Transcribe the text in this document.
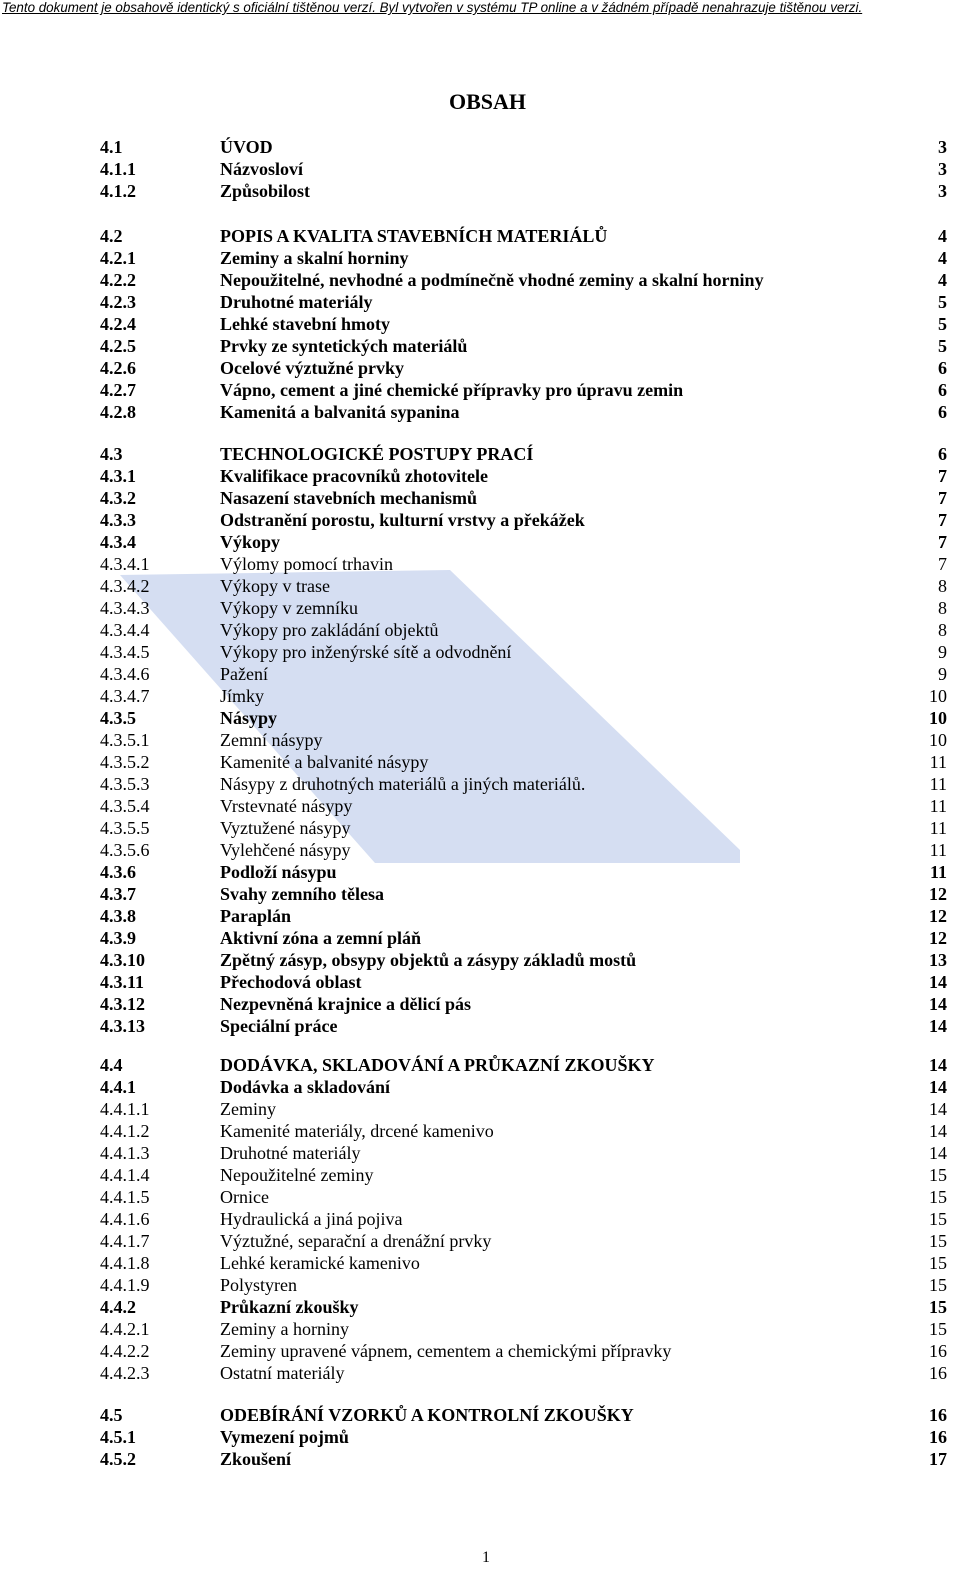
Tento dokument je obsahově identický s oficiální tištěnou verzí. Byl vytvořen v systému TP online a v žádném případě nenahrazuje tištěnou verzi.
OBSAH
4.1	ÚVOD	3
4.1.1	Názvosloví	3
4.1.2	Způsobilost	3
4.2	POPIS A KVALITA STAVEBNÍCH MATERIÁLŮ	4
4.2.1	Zeminy a skalní horniny	4
4.2.2	Nepoužitelné, nevhodné a podmínečně vhodné zeminy a skalní horniny	4
4.2.3	Druhotné materiály	5
4.2.4	Lehké stavební hmoty	5
4.2.5	Prvky ze syntetických materiálů	5
4.2.6	Ocelové výztužné prvky	6
4.2.7	Vápno, cement a jiné chemické přípravky pro úpravu zemin	6
4.2.8	Kamenitá a balvanitá sypanina	6
4.3	TECHNOLOGICKÉ POSTUPY PRACÍ	6
4.3.1	Kvalifikace pracovníků zhotovitele	7
4.3.2	Nasazení stavebních mechanismů	7
4.3.3	Odstranění porostu, kulturní vrstvy a překážek	7
4.3.4	Výkopy	7
4.3.4.1	Výlomy pomocí trhavin	7
4.3.4.2	Výkopy v trase	8
4.3.4.3	Výkopy v zemníku	8
4.3.4.4	Výkopy pro zakládání objektů	8
4.3.4.5	Výkopy pro inženýrské sítě a odvodnění	9
4.3.4.6	Pažení	9
4.3.4.7	Jímky	10
4.3.5	Násypy	10
4.3.5.1	Zemní násypy	10
4.3.5.2	Kamenité a balvanité násypy	11
4.3.5.3	Násypy z druhotných materiálů a jiných materiálů.	11
4.3.5.4	Vrstevnaté násypy	11
4.3.5.5	Vyztužené násypy	11
4.3.5.6	Vylehčené násypy	11
4.3.6	Podloží násypu	11
4.3.7	Svahy zemního tělesa	12
4.3.8	Paraplán	12
4.3.9	Aktivní zóna a zemní pláň	12
4.3.10	Zpětný zásyp, obsypy objektů a zásypy základů mostů	13
4.3.11	Přechodová oblast	14
4.3.12	Nezpevněná krajnice a dělicí pás	14
4.3.13	Speciální práce	14
4.4	DODÁVKA, SKLADOVÁNÍ A PRŮKAZNÍ ZKOUŠKY	14
4.4.1	Dodávka a skladování	14
4.4.1.1	Zeminy	14
4.4.1.2	Kamenité materiály, drcené kamenivo	14
4.4.1.3	Druhotné materiály	14
4.4.1.4	Nepoužitelné zeminy	15
4.4.1.5	Ornice	15
4.4.1.6	Hydraulická a jiná pojiva	15
4.4.1.7	Výztužné, separační a drenážní prvky	15
4.4.1.8	Lehké keramické kamenivo	15
4.4.1.9	Polystyren	15
4.4.2	Průkazní zkoušky	15
4.4.2.1	Zeminy a horniny	15
4.4.2.2	Zeminy upravené vápnem, cementem a chemickými přípravky	16
4.4.2.3	Ostatní materiály	16
4.5	ODEBÍRÁNÍ VZORKŮ A KONTROLNÍ ZKOUŠKY	16
4.5.1	Vymezení pojmů	16
4.5.2	Zkoušení	17
1
